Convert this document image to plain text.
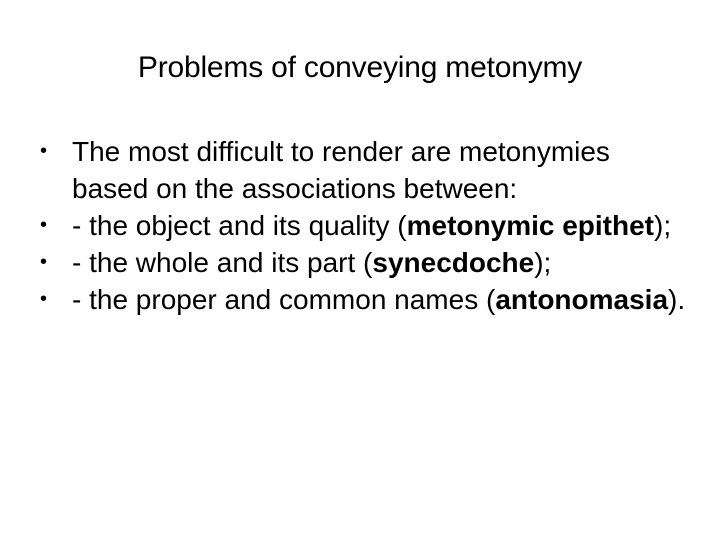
Problems of conveying metonymy
• The most difficult to render are metonymies based on the associations between:
• - the object and its quality (metonymic epithet);
• - the whole and its part (synecdoche);
• - the proper and common names (antonomasia).
